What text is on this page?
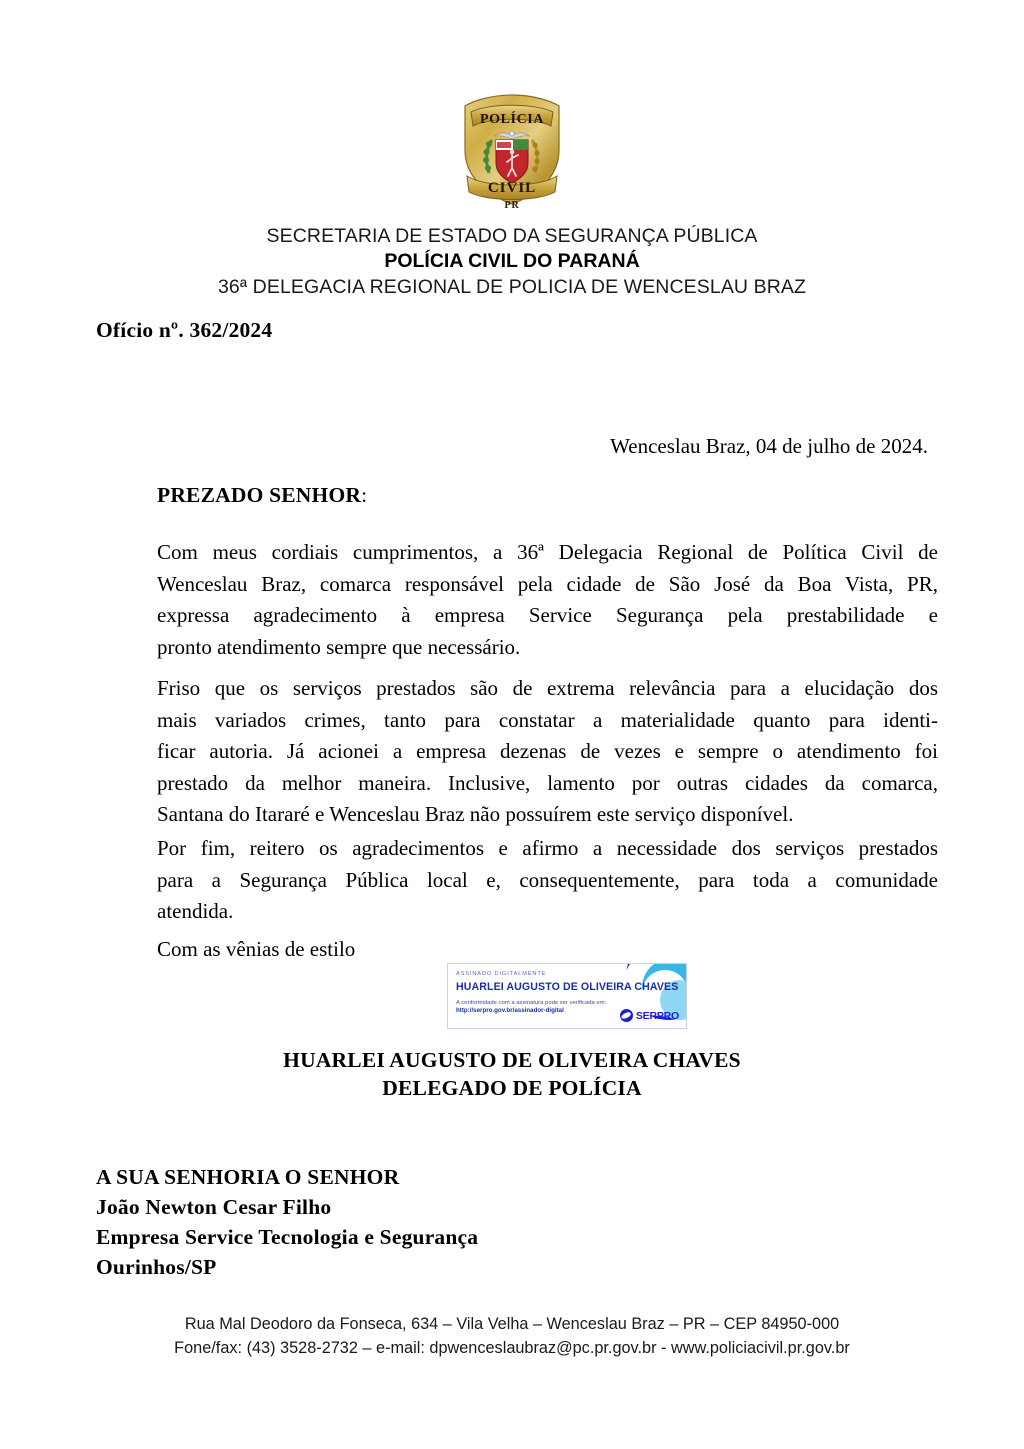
POLÍCIA
CIVIL
PR
SECRETARIA DE ESTADO DA SEGURANÇA PÚBLICA
POLÍCIA CIVIL DO PARANÁ
36ª DELEGACIA REGIONAL DE POLICIA DE WENCESLAU BRAZ
Ofício nº. 362/2024
Wenceslau Braz, 04 de julho de 2024.
PREZADO SENHOR:
Com meus cordiais cumprimentos, a 36ª Delegacia Regional de Política Civil de
Wenceslau Braz, comarca responsável pela cidade de São José da Boa Vista, PR,
expressa agradecimento à empresa Service Segurança pela prestabilidade e
pronto atendimento sempre que necessário.
Friso que os serviços prestados são de extrema relevância para a elucidação dos
mais variados crimes, tanto para constatar a materialidade quanto para identi-
ficar autoria. Já acionei a empresa dezenas de vezes e sempre o atendimento foi
prestado da melhor maneira. Inclusive, lamento por outras cidades da comarca,
Santana do Itararé e Wenceslau Braz não possuírem este serviço disponível.
Por fim, reitero os agradecimentos e afirmo a necessidade dos serviços prestados
para a Segurança Pública local e, consequentemente, para toda a comunidade
atendida.
Com as vênias de estilo
ASSINADO DIGITALMENTE
HUARLEI AUGUSTO DE OLIVEIRA CHAVES
A conformidade com a assinatura pode ser verificada em:
http://serpro.gov.br/assinador-digital	SERPRO
HUARLEI AUGUSTO DE OLIVEIRA CHAVES
DELEGADO DE POLÍCIA
A SUA SENHORIA O SENHOR
João Newton Cesar Filho
Empresa Service Tecnologia e Segurança
Ourinhos/SP
Rua Mal Deodoro da Fonseca, 634 – Vila Velha – Wenceslau Braz – PR – CEP 84950-000
Fone/fax: (43) 3528-2732 – e-mail: dpwenceslaubraz@pc.pr.gov.br - www.policiacivil.pr.gov.br
